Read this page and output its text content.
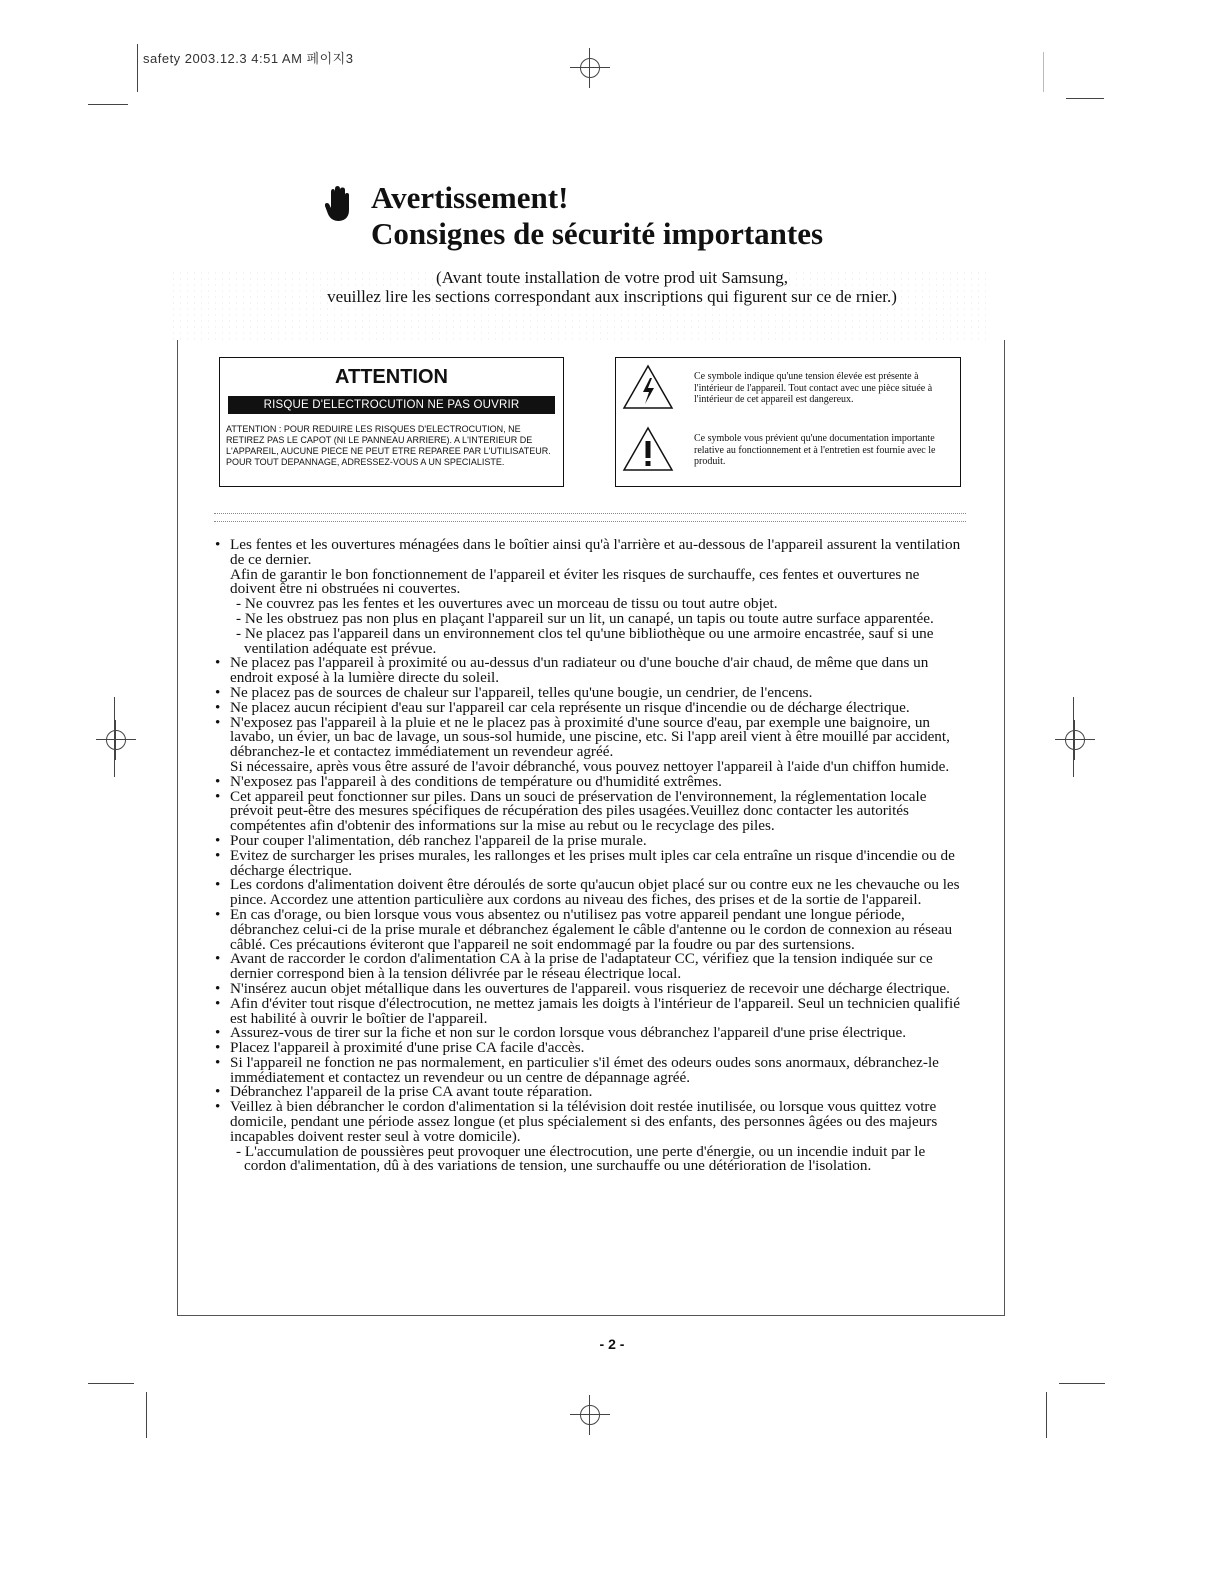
safety 2003.12.3 4:51 AM 페이지3
Avertissement!
Consignes de sécurité importantes
(Avant toute installation de votre prod uit Samsung,
veuillez lire les sections correspondant aux inscriptions qui figurent sur ce de rnier.)
ATTENTION
RISQUE D'ELECTROCUTION NE PAS OUVRIR
ATTENTION : POUR REDUIRE LES RISQUES D'ELECTROCUTION, NE RETIREZ PAS LE CAPOT (NI LE PANNEAU ARRIERE). A L'INTERIEUR DE L'APPAREIL, AUCUNE PIECE NE PEUT ETRE REPAREE PAR L'UTILISATEUR. POUR TOUT DEPANNAGE, ADRESSEZ-VOUS A UN SPECIALISTE.
Ce symbole indique qu'une tension élevée est présente à l'intérieur de l'appareil. Tout contact avec une pièce située à l'intérieur de cet appareil est dangereux.
Ce symbole vous prévient qu'une documentation importante relative au fonctionnement et à l'entretien est fournie avec le produit.

• Les fentes et les ouvertures ménagées dans le boîtier ainsi qu'à l'arrière et au-dessous de l'appareil assurent la ventilation de ce dernier.

Afin de garantir le bon fonctionnement de l'appareil et éviter les risques de surchauffe, ces fentes et ouvertures ne doivent être ni obstruées ni couvertes.

- Ne couvrez pas les fentes et les ouvertures avec un morceau de tissu ou tout autre objet.

- Ne les obstruez pas non plus en plaçant l'appareil sur un lit, un canapé, un tapis ou toute autre surface apparentée.

- Ne placez pas l'appareil dans un environnement clos tel qu'une bibliothèque ou une armoire encastrée, sauf si une ventilation adéquate est prévue.

• Ne placez pas l'appareil à proximité ou au-dessus d'un radiateur ou d'une bouche d'air chaud, de même que dans un endroit exposé à la lumière directe du soleil.

• Ne placez pas de sources de chaleur sur l'appareil, telles qu'une bougie, un cendrier, de l'encens.

• Ne placez aucun récipient d'eau sur l'appareil car cela représente un risque d'incendie ou de décharge électrique.

• N'exposez pas l'appareil à la pluie et ne le placez pas à proximité d'une source d'eau, par exemple une baignoire, un lavabo, un évier, un bac de lavage, un sous-sol humide, une piscine, etc. Si l'app areil vient à être mouillé par accident, débranchez-le et contactez immédiatement un revendeur agréé.

Si nécessaire, après vous être assuré de l'avoir débranché, vous pouvez nettoyer l'appareil à l'aide d'un chiffon humide.

• N'exposez pas l'appareil à des conditions de température ou d'humidité extrêmes.

• Cet appareil peut fonctionner sur piles. Dans un souci de préservation de l'environnement, la réglementation locale prévoit peut-être des mesures spécifiques de récupération des piles usagées.Veuillez donc contacter les autorités compétentes afin d'obtenir des informations sur la mise au rebut ou le recyclage des piles.

• Pour couper l'alimentation, déb ranchez l'appareil de la prise murale.

• Evitez de surcharger les prises murales, les rallonges et les prises mult iples car cela entraîne un risque d'incendie ou de décharge électrique.

• Les cordons d'alimentation doivent être déroulés de sorte qu'aucun objet placé sur ou contre eux ne les chevauche ou les pince. Accordez une attention particulière aux cordons au niveau des fiches, des prises et de la sortie de l'appareil.

• En cas d'orage, ou bien lorsque vous vous absentez ou n'utilisez pas votre appareil pendant une longue période, débranchez celui-ci de la prise murale et débranchez également le câble d'antenne ou le cordon de connexion au réseau câblé. Ces précautions éviteront que l'appareil ne soit endommagé par la foudre ou par des surtensions.

• Avant de raccorder le cordon d'alimentation CA à la prise de l'adaptateur CC, vérifiez que la tension indiquée sur ce dernier correspond bien à la tension délivrée par le réseau électrique local.

• N'insérez aucun objet métallique dans les ouvertures de l'appareil. vous risqueriez de recevoir une décharge électrique.

• Afin d'éviter tout risque d'électrocution, ne mettez jamais les doigts à l'intérieur de l'appareil. Seul un technicien qualifié est habilité à ouvrir le boîtier de l'appareil.

• Assurez-vous de tirer sur la fiche et non sur le cordon lorsque vous débranchez l'appareil d'une prise électrique.

• Placez l'appareil à proximité d'une prise CA facile d'accès.

• Si l'appareil ne fonction ne pas normalement, en particulier s'il émet des odeurs oudes sons anormaux, débranchez-le immédiatement et contactez un revendeur ou un centre de dépannage agréé.

• Débranchez l'appareil de la prise CA avant toute réparation.

• Veillez à bien débrancher le cordon d'alimentation si la télévision doit restée inutilisée, ou lorsque vous quittez votre domicile, pendant une période assez longue (et plus spécialement si des enfants, des personnes âgées ou des majeurs incapables doivent rester seul à votre domicile).

- L'accumulation de poussières peut provoquer une électrocution, une perte d'énergie, ou un incendie induit par le cordon d'alimentation, dû à des variations de tension, une surchauffe ou une détérioration de l'isolation.

- 2 -
